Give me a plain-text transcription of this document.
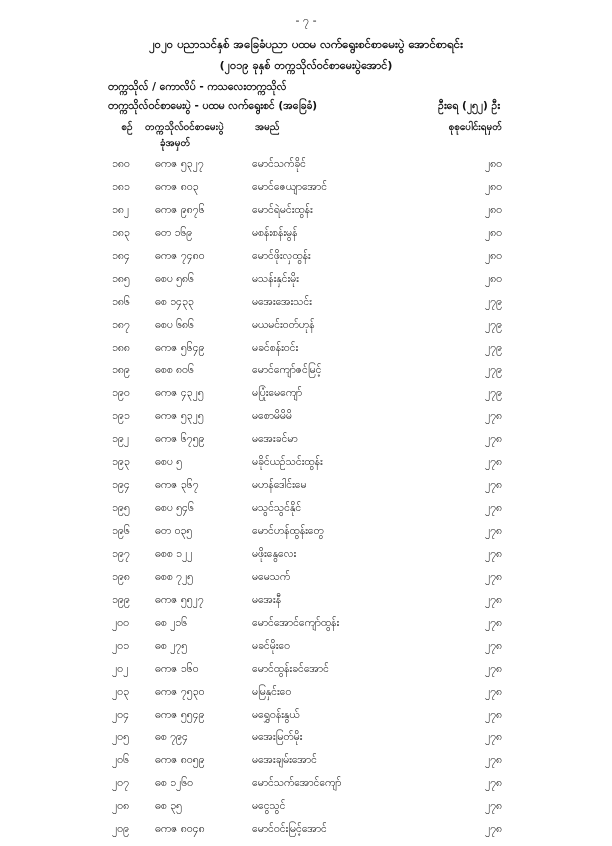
- ၇ -
၂၀၂၀ ပညာသင်နှစ် အခြေခံပညာ ပထမ လက်ရွေးစင်စာမေးပွဲ အောင်စာရင်း
(၂၀၁၉ ခုနှစ် တက္ကသိုလ်ဝင်စာမေးပွဲအောင်)
တက္ကသိုလ် / ကောလိပ် - ကသလေးတက္ကသိုလ်
တက္ကသိုလ်ဝင်စာမေးပွဲ - ပထမ လက်ရွေးစင် (အခြေခံ)	ဦးရေ (၂၅၂) ဦး
စဉ်	တက္ကသိုလ်ဝင်စာမေးပွဲ
ခုံအမှတ်
အမည်	စုစုပေါင်းရမှတ်
၁၈၀	ဓကဇ ၅၃၂၇	မောင်သက်ခိုင်	၂၈၀
၁၈၁	ဓကဇ ၈၀၃	မောင်ဇေယျာအောင်	၂၈၀
၁၈၂	ဓကဇ ၉၈၇၆	မောင်ရဲမင်းထွန်း	၂၈၀
၁၈၃	ဓတ ၁၆၉	မစန်းစန်းမွန်	၂၈၀
၁၈၄	ဓကဇ ၇၄၈၀	မောင်ဖိုးလှထွန်း	၂၈၀
၁၈၅	ဓစပ ၅၈၆	မသန်းနှင်းမိုး	၂၈၀
၁၈၆	ဓစ ၁၄၃၃	မအေးအေးသင်း	၂၇၉
၁၈၇	ဓစပ ၆၈၆	မယမင်းဝတ်ဟုန်	၂၇၉
၁၈၈	ဓကဇ ၅၆၄၉	မခင်စန်းဝင်း	၂၇၉
၁၈၉	ဓစစ ၈၀၆	မောင်ကျော်ဇင်မြင့်	၂၇၉
၁၉၀	ဓကဇ ၄၃၂၅	မပြုံးမေကျော်	၂၇၉
၁၉၁	ဓကဇ ၅၃၂၅	မစောမိမိမိ	၂၇၈
၁၉၂	ဓကဇ ၆၇၅၉	မအေးခင်မာ	၂၇၈
၁၉၃	ဓစပ ၅	မခိုင်ယဉ်သင်းထွန်း	၂၇၈
၁၉၄	ဓကဇ ၃၆၇	မဟန်ဒေါင်းမေ	၂၇၈
၁၉၅	ဓစပ ၅၄၆	မသွင်သွင်နိုင်	၂၇၈
၁၉၆	ဓတ ၀၃၅	မောင်ဟန်ထွန်းတွေ	၂၇၈
၁၉၇	ဓစစ ၁၂၂	မဖိုးနွေလေး	၂၇၈
၁၉၈	ဓစစ ၇၂၅	မမေသက်	၂၇၈
၁၉၉	ဓကဇ ၅၅၂၇	မအေးနီ	၂၇၈
၂၀၀	ဓစ ၂၁၆	မောင်အောင်ကျော်ထွန်း	၂၇၈
၂၀၁	ဓစ ၂၇၅	မခင်မိုးဝေ	၂၇၈
၂၀၂	ဓကဇ ၁၆၀	မောင်ထွန်းခင်အောင်	၂၇၈
၂၀၃	ဓကဇ ၇၅၃၀	မမြနှင်းဝေ	၂၇၈
၂၀၄	ဓကဇ ၅၅၄၉	မရွှေဝန်းနွယ်	၂၇၈
၂၀၅	ဓစ ၇၉၄	မအေးမြတ်မိုး	၂၇၈
၂၀၆	ဓကဇ ၈၀၅၉	မအေးချမ်းအောင်	၂၇၈
၂၀၇	ဓစ ၁၂၆၀	မောင်သက်အောင်ကျော်	၂၇၈
၂၀၈	ဓစ ၃၅	မငွေသွင်	၂၇၈
၂၀၉	ဓကဇ ၈၀၄၈	မောင်ဝင်းမြင့်အောင်	၂၇၈
